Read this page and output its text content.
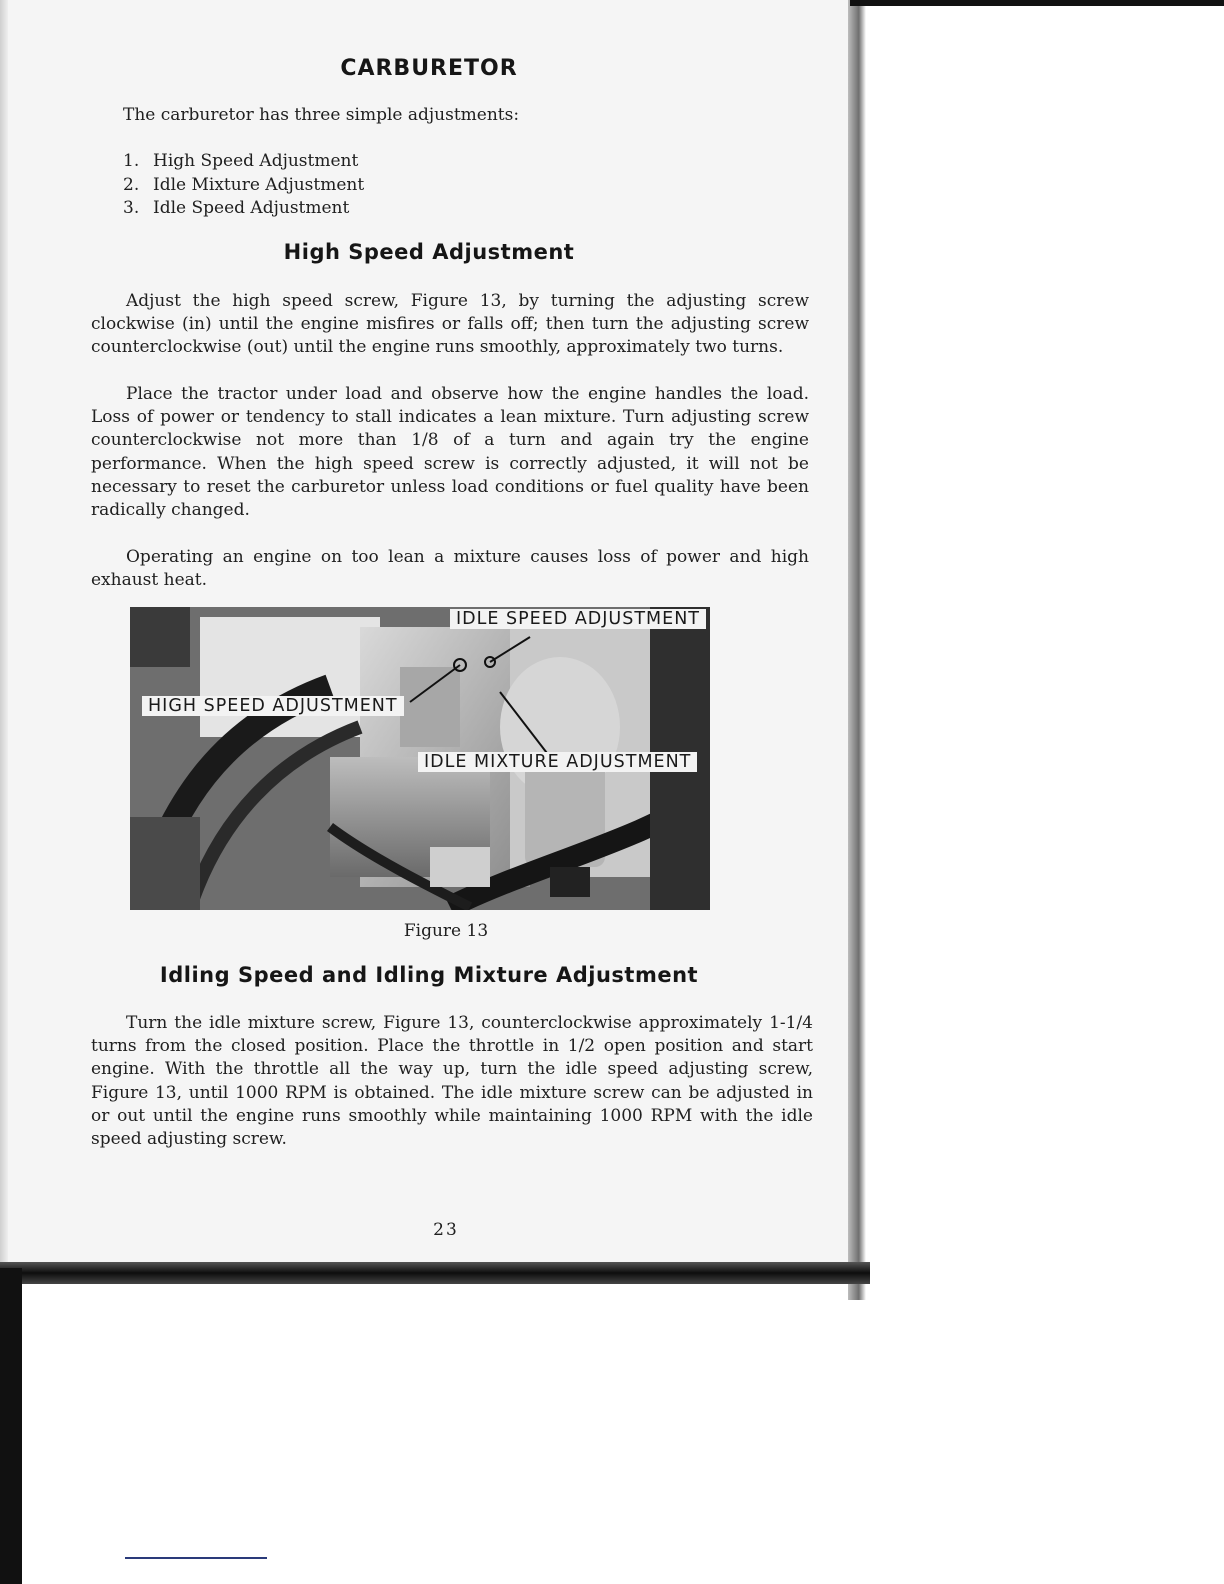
CARBURETOR
The carburetor has three simple adjustments:
1. High Speed Adjustment
2. Idle Mixture Adjustment
3. Idle Speed Adjustment
High Speed Adjustment

Adjust the high speed screw, Figure 13, by turning the adjusting screw clockwise (in) until the engine misfires or falls off; then turn the adjusting screw counterclockwise (out) until the engine runs smoothly, approximately two turns.

Place the tractor under load and observe how the engine handles the load. Loss of power or tendency to stall indicates a lean mixture. Turn adjusting screw counterclockwise not more than 1/8 of a turn and again try the engine performance. When the high speed screw is correctly adjusted, it will not be necessary to reset the carburetor unless load conditions or fuel quality have been radically changed.

Operating an engine on too lean a mixture causes loss of power and high exhaust heat.

Idling Speed and Idling Mixture Adjustment

Turn the idle mixture screw, Figure 13, counterclockwise approximately 1-1/4 turns from the closed position. Place the throttle in 1/2 open position and start engine. With the throttle all the way up, turn the idle speed adjusting screw, Figure 13, until 1000 RPM is obtained. The idle mixture screw can be adjusted in or out until the engine runs smoothly while maintaining 1000 RPM with the idle speed adjusting screw.

IDLE SPEED ADJUSTMENT
HIGH SPEED ADJUSTMENT
IDLE MIXTURE ADJUSTMENT
Figure 13
23
